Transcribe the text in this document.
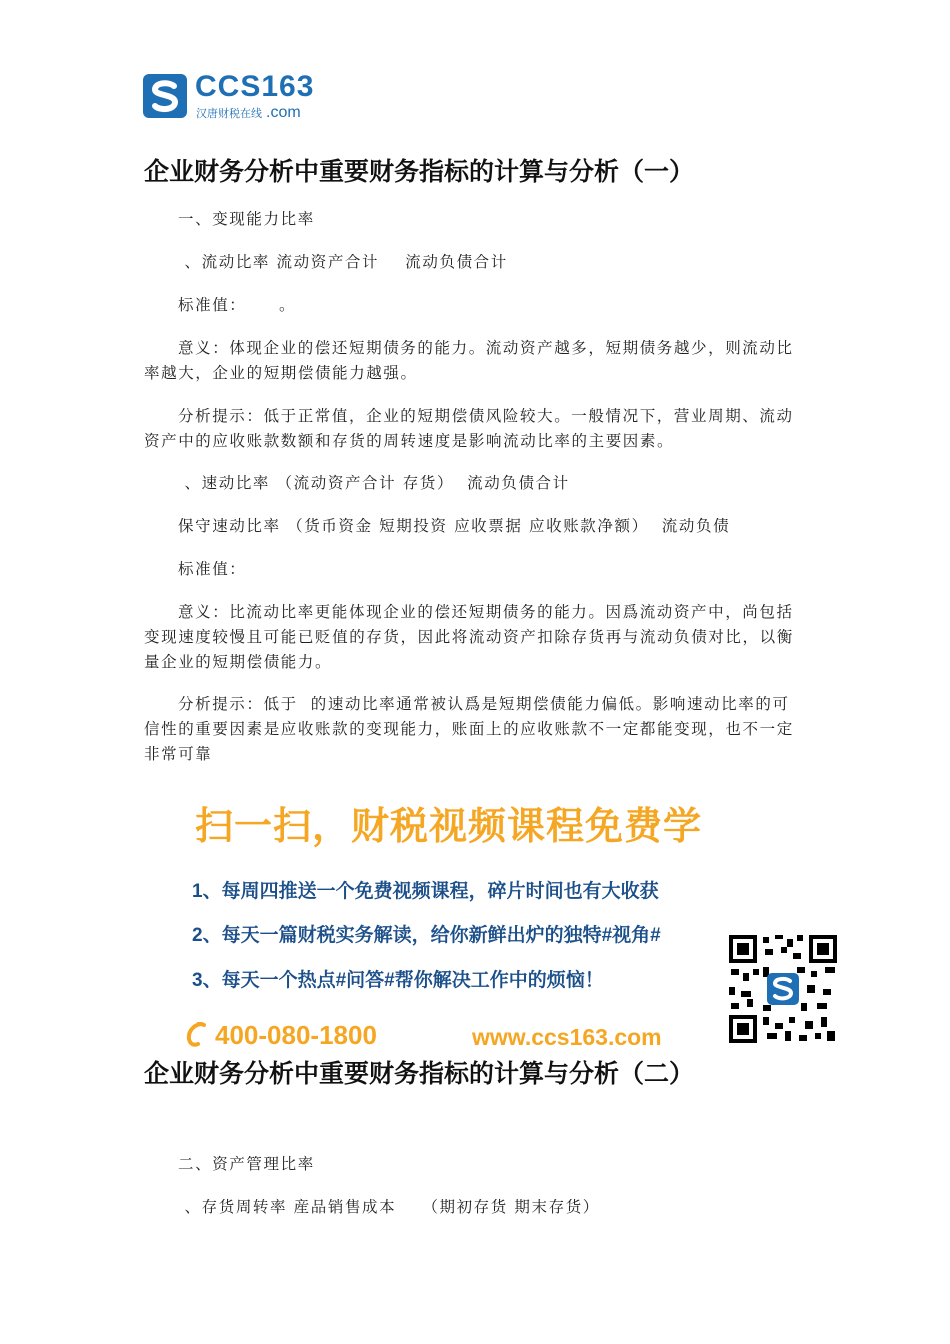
CCS163
汉唐财税在线 .com
企业财务分析中重要财务指标的计算与分析（一）

一、变现能力比率

、流动比率 流动资产合计    流动负债合计

标准值：     。

意义：体现企业的偿还短期债务的能力。流动资产越多，短期债务越少，则流动比率越大，企业的短期偿债能力越强。

分析提示：低于正常值，企业的短期偿债风险较大。一般情况下，营业周期、流动资产中的应收账款数额和存货的周转速度是影响流动比率的主要因素。

、速动比率 （流动资产合计 存货）  流动负债合计

保守速动比率 （货币资金 短期投资 应收票据 应收账款净额）  流动负债

标准值：

意义：比流动比率更能体现企业的偿还短期债务的能力。因爲流动资产中，尚包括变现速度较慢且可能已贬值的存货，因此将流动资产扣除存货再与流动负债对比，以衡量企业的短期偿债能力。

分析提示：低于  的速动比率通常被认爲是短期偿债能力偏低。影响速动比率的可信性的重要因素是应收账款的变现能力，账面上的应收账款不一定都能变现，也不一定非常可靠

扫一扫，财税视频课程免费学
1、每周四推送一个免费视频课程，碎片时间也有大收获
2、每天一篇财税实务解读，给你新鲜出炉的独特#视角#
3、每天一个热点#问答#帮你解决工作中的烦恼！
400-080-1800	www.ccs163.com
企业财务分析中重要财务指标的计算与分析（二）

二、资产管理比率

、存货周转率 産品销售成本    （期初存货 期末存货）
